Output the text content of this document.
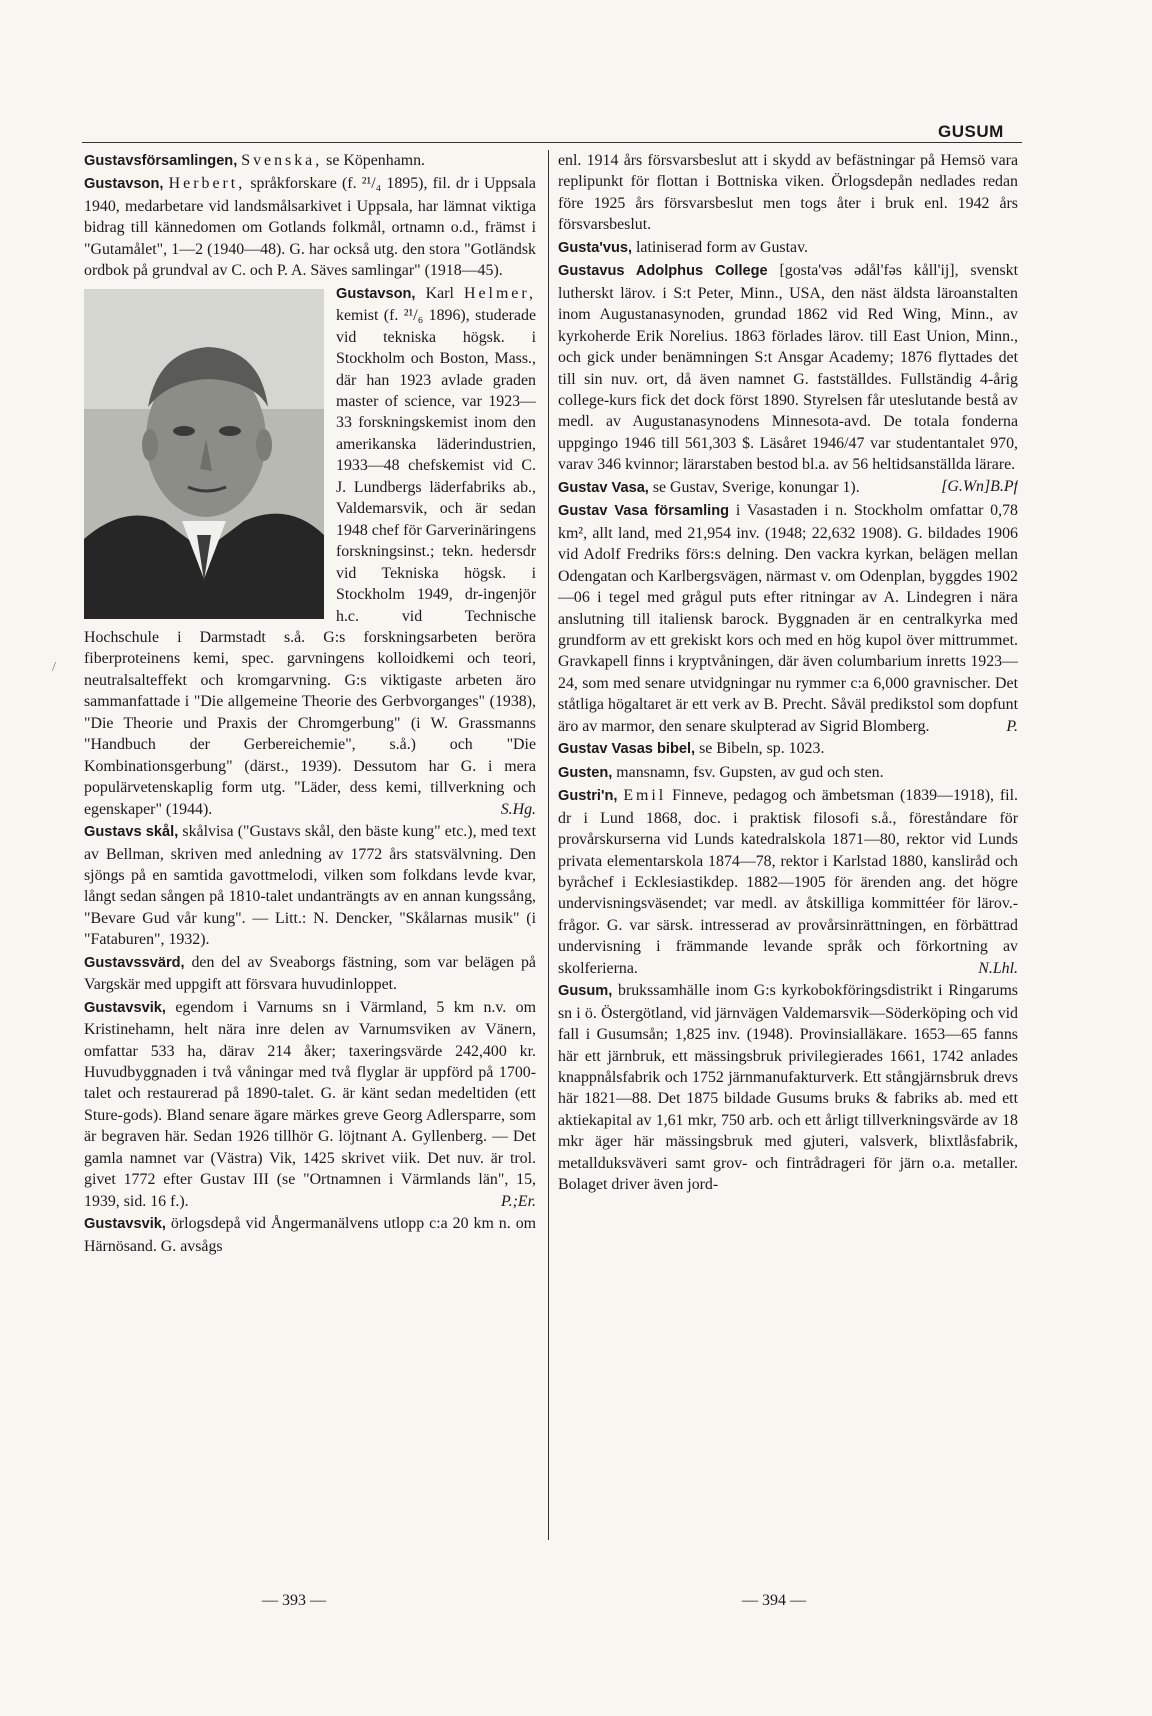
GUSUM
/

Gustavsförsamlingen, Svenska, se Köpenhamn.

Gustavson, Herbert, språkforskare (f. ²¹/₄ 1895), fil. dr i Uppsala 1940, medarbetare vid landsmålsarkivet i Uppsala, har lämnat viktiga bidrag till kännedomen om Gotlands folkmål, ortnamn o.d., främst i "Gutamålet", 1—2 (1940—48). G. har också utg. den stora "Gotländsk ordbok på grundval av C. och P. A. Säves samlingar" (1918—45).

Gustavson, Karl Helmer,
kemist (f. ²¹/₆ 1896), studerade vid tekniska högsk. i Stockholm och Boston, Mass., där han 1923 avlade graden master of science, var 1923—33 forskningskemist inom den amerikanska läderindustrien, 1933—48 chefskemist vid C. J. Lundbergs läderfabriks ab., Valdemarsvik, och är sedan 1948 chef för Garverinäringens forskningsinst.; tekn. hedersdr vid Tekniska högsk. i Stockholm 1949, dr-ingenjör h.c. vid Technische Hochschule i Darmstadt s.å. G:s forskningsarbeten beröra fiberproteinens kemi, spec. garvningens kolloidkemi och teori, neutralsalteffekt och kromgarvning. G:s viktigaste arbeten äro sammanfattade i "Die allgemeine Theorie des Gerbvorganges" (1938), "Die Theorie und Praxis der Chromgerbung" (i W. Grassmanns "Handbuch der Gerbereichemie", s.å.) och "Die Kombinationsgerbung" (därst., 1939). Dessutom har G. i mera populärvetenskaplig form utg. "Läder, dess kemi, tillverkning och egenskaper" (1944).	S.Hg.

Gustavs skål, skålvisa ("Gustavs skål, den bäste kung" etc.), med text av Bellman, skriven med anledning av 1772 års statsvälvning. Den sjöngs på en samtida gavottmelodi, vilken som folkdans levde kvar, långt sedan sången på 1810-talet undanträngts av en annan kungssång, "Bevare Gud vår kung". — Litt.: N. Dencker, "Skålarnas musik" (i "Fataburen", 1932).

Gustavssvärd, den del av Sveaborgs fästning, som var belägen på Vargskär med uppgift att försvara huvudinloppet.

Gustavsvik, egendom i Varnums sn i Värmland, 5 km n.v. om Kristinehamn, helt nära inre delen av Varnumsviken av Vänern, omfattar 533 ha, därav 214 åker; taxeringsvärde 242,400 kr. Huvudbyggnaden i två våningar med två flyglar är uppförd på 1700-talet och restaurerad på 1890-talet. G. är känt sedan medeltiden (ett Sture-gods). Bland senare ägare märkes greve Georg Adlersparre, som är begraven här. Sedan 1926 tillhör G. löjtnant A. Gyllenberg. — Det gamla namnet var (Västra) Vik, 1425 skrivet viik. Det nuv. är trol. givet 1772 efter Gustav III (se "Ortnamnen i Värmlands län", 15, 1939, sid. 16 f.).	P.;Er.

Gustavsvik, örlogsdepå vid Ångermanälvens utlopp c:a 20 km n. om Härnösand. G. avsågs

enl. 1914 års försvarsbeslut att i skydd av befästningar på Hemsö vara replipunkt för flottan i Bottniska viken. Örlogsdepån nedlades redan före 1925 års försvarsbeslut men togs åter i bruk enl. 1942 års försvarsbeslut.

Gusta'vus, latiniserad form av Gustav.

Gustavus Adolphus College [gosta'vəs ədål'fəs kåll'ij], svenskt lutherskt lärov. i S:t Peter, Minn., USA, den näst äldsta läroanstalten inom Augustanasynoden, grundad 1862 vid Red Wing, Minn., av kyrkoherde Erik Norelius. 1863 förlades lärov. till East Union, Minn., och gick under benämningen S:t Ansgar Academy; 1876 flyttades det till sin nuv. ort, då även namnet G. fastställdes. Fullständig 4-årig college-kurs fick det dock först 1890. Styrelsen får uteslutande bestå av medl. av Augustanasynodens Minnesota-avd. De totala fonderna uppgingo 1946 till 561,303 $. Läsåret 1946/47 var studentantalet 970, varav 346 kvinnor; lärarstaben bestod bl.a. av 56 heltidsanställda lärare.
[G.Wn]B.Pf

Gustav Vasa, se Gustav, Sverige, konungar 1).

Gustav Vasa församling i Vasastaden i n. Stockholm omfattar 0,78 km², allt land, med 21,954 inv. (1948; 22,632 1908). G. bildades 1906 vid Adolf Fredriks förs:s delning. Den vackra kyrkan, belägen mellan Odengatan och Karlbergsvägen, närmast v. om Odenplan, byggdes 1902—06 i tegel med grågul puts efter ritningar av A. Lindegren i nära anslutning till italiensk barock. Byggnaden är en centralkyrka med grundform av ett grekiskt kors och med en hög kupol över mittrummet. Gravkapell finns i kryptvåningen, där även columbarium inretts 1923—24, som med senare utvidgningar nu rymmer c:a 6,000 gravnischer. Det ståtliga högaltaret är ett verk av B. Precht. Såväl predikstol som dopfunt äro av marmor, den senare skulpterad av Sigrid Blomberg.	P.

Gustav Vasas bibel, se Bibeln, sp. 1023.

Gusten, mansnamn, fsv. Gupsten, av gud och sten.

Gustri'n, Emil Finneve, pedagog och ämbetsman (1839—1918), fil. dr i Lund 1868, doc. i praktisk filosofi s.å., föreståndare för provårskurserna vid Lunds katedralskola 1871—80, rektor vid Lunds privata elementarskola 1874—78, rektor i Karlstad 1880, kansliråd och byråchef i Ecklesiastikdep. 1882—1905 för ärenden ang. det högre undervisningsväsendet; var medl. av åtskilliga kommittéer för lärov.-frågor. G. var särsk. intresserad av provårsinrättningen, en förbättrad undervisning i främmande levande språk och förkortning av skolferierna.	N.Lhl.

Gusum, brukssamhälle inom G:s kyrkobokföringsdistrikt i Ringarums sn i ö. Östergötland, vid järnvägen Valdemarsvik—Söderköping och vid fall i Gusumsån; 1,825 inv. (1948). Provinsialläkare. 1653—65 fanns här ett järnbruk, ett mässingsbruk privilegierades 1661, 1742 anlades knappnålsfabrik och 1752 järnmanufakturverk. Ett stångjärnsbruk drevs här 1821—88. Det 1875 bildade Gusums bruks & fabriks ab. med ett aktiekapital av 1,61 mkr, 750 arb. och ett årligt tillverkningsvärde av 18 mkr äger här mässingsbruk med gjuteri, valsverk, blixtlåsfabrik, metallduksväveri samt grov- och fintrådrageri för järn o.a. metaller. Bolaget driver även jord-

— 393 —	— 394 —
